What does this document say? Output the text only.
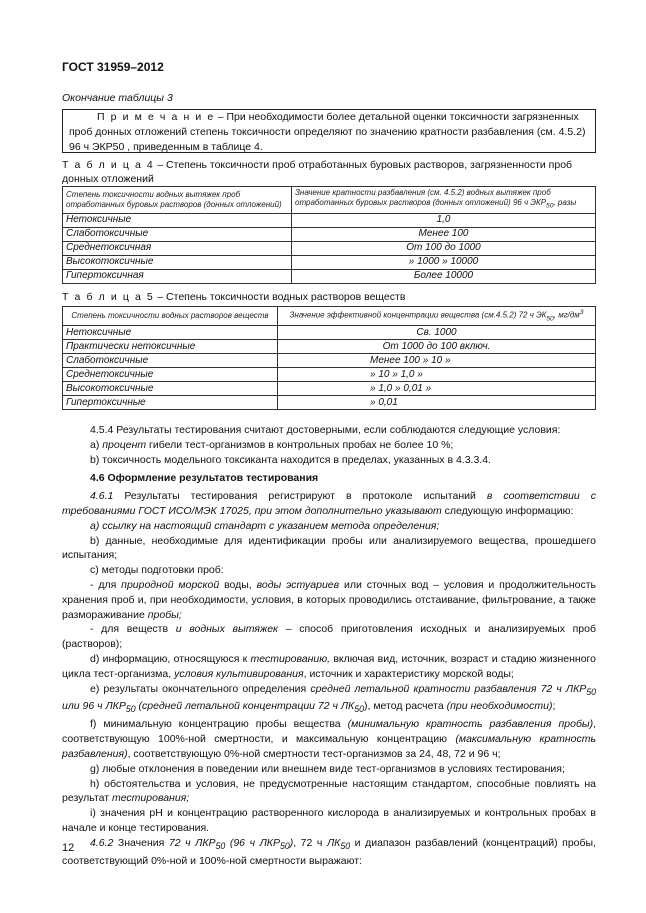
ГОСТ 31959–2012
Окончание таблицы 3

П р и м е ч а н и е – При необходимости более детальной оценки токсичности загрязненных проб донных отложений степень токсичности определяют по значению кратности разбавления (см. 4.5.2) 96 ч ЭКР50 , приведенным в таблице 4.

Т а б л и ц а 4 – Степень токсичности проб отработанных буровых растворов, загрязненности проб донных отложений
Степень токсичности водных вытяжек проб отработанных буровых растворов (донных отложений)	Значение кратности разбавления (см. 4.5.2) водных вытяжек проб отработанных буровых растворов (донных отложений) 96 ч $ЭКР_{50}$, разы
Нетоксичные	1,0
Слаботоксичные	Менее 100
Среднетоксичная	От 100 до 1000
Высокотоксичные	» 1000 » 10000
Гипертоксичная	Более 10000
Т а б л и ц а 5 – Степень токсичности водных растворов веществ
Степень токсичности водных растворов веществ	Значение эффективной концентрации вещества (см.4.5.2) 72 ч $ЭК_{50}$, $мг/дм^3$
Нетоксичные	Св. 1000
Практически нетоксичные	От 1000 до 100 включ.
Слаботоксичные	Менее 100 » 10 »
Среднетоксичные	» 10 » 1,0 »
Высокотоксичные	» 1,0 » 0,01 »
Гипертоксичные	» 0,01

4.5.4 Результаты тестирования считают достоверными, если соблюдаются следующие условия:

а) процент гибели тест-организмов в контрольных пробах не более 10 %;

b) токсичность модельного токсиканта находится в пределах, указанных в 4.3.3.4.

4.6 Оформление результатов тестирования

4.6.1 Результаты тестирования регистрируют в протоколе испытаний в соответствии с требованиями ГОСТ ИСО/МЭК 17025, при этом дополнительно указывают следующую информацию:

а) ссылку на настоящий стандарт с указанием метода определения;

b) данные, необходимые для идентификации пробы или анализируемого вещества, прошедшего испытания;

c) методы подготовки проб:

- для природной морской воды, воды эстуариев или сточных вод – условия и продолжительность хранения проб и, при необходимости, условия, в которых проводились отстаивание, фильтрование, а также размораживание пробы;

- для веществ и водных вытяжек – способ приготовления исходных и анализируемых проб (растворов);

d) информацию, относящуюся к тестированию, включая вид, источник, возраст и стадию жизненного цикла тест-организма, условия культивирования, источник и характеристику морской воды;

e) результаты окончательного определения средней летальной кратности разбавления 72 ч $ЛКР_{50}$ или 96 ч $ЛКР_{50}$ (средней летальной концентрации 72 ч $ЛК_{50}$), метод расчета (при необходимости);

f) минимальную концентрацию пробы вещества (минимальную кратность разбавления пробы), соответствующую 100%-ной смертности, и максимальную концентрацию (максимальную кратность разбавления), соответствующую 0%-ной смертности тест-организмов за 24, 48, 72 и 96 ч;

g) любые отклонения в поведении или внешнем виде тест-организмов в условиях тестирования;

h) обстоятельства и условия, не предусмотренные настоящим стандартом, способные повлиять на результат тестирования;

i) значения pH и концентрацию растворенного кислорода в анализируемых и контрольных пробах в начале и конце тестирования.

4.6.2 Значения 72 ч $ЛКР_{50}$ (96 ч $ЛКР_{50}$), 72 ч $ЛК_{50}$ и диапазон разбавлений (концентраций) пробы, соответствующий 0%-ной и 100%-ной смертности выражают:

12
